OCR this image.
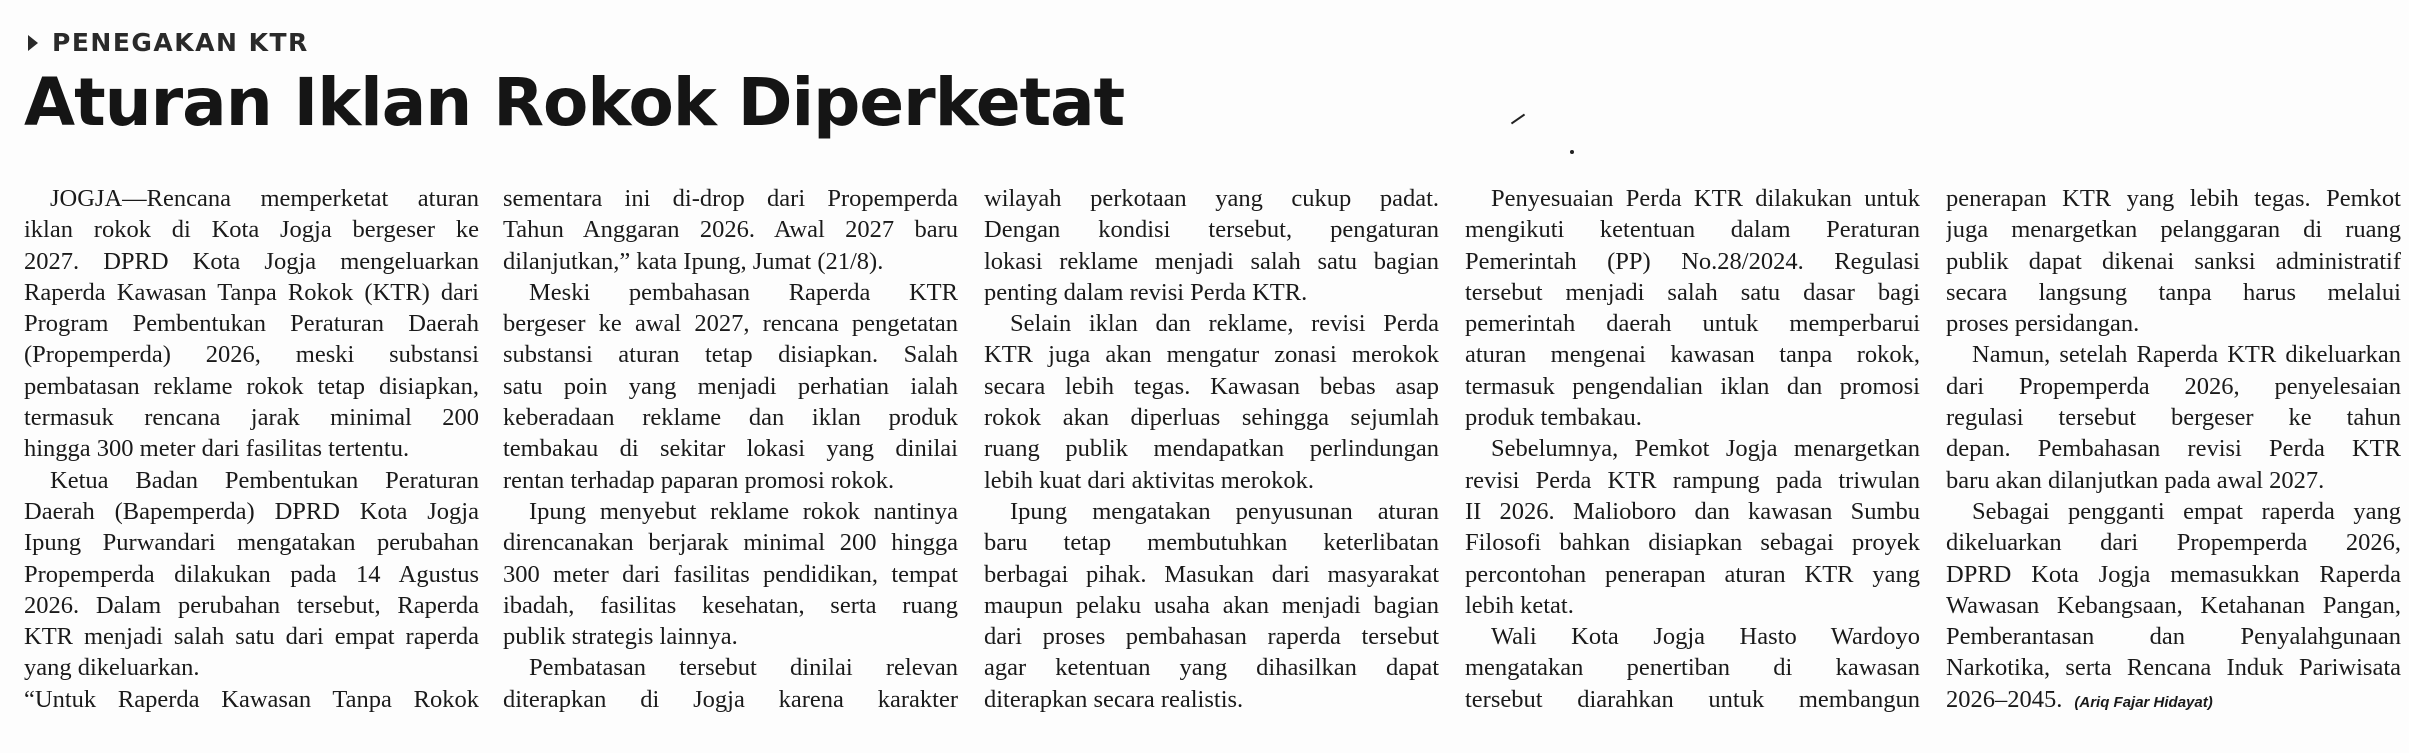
PENEGAKAN KTR
Aturan Iklan Rokok Diperketat
JOGJA—Rencana memperketat aturan
iklan rokok di Kota Jogja bergeser ke
2027. DPRD Kota Jogja mengeluarkan
Raperda Kawasan Tanpa Rokok (KTR) dari
Program Pembentukan Peraturan Daerah
(Propemperda) 2026, meski substansi
pembatasan reklame rokok tetap disiapkan,
termasuk rencana jarak minimal 200
hingga 300 meter dari fasilitas tertentu.
Ketua Badan Pembentukan Peraturan
Daerah (Bapemperda) DPRD Kota Jogja
Ipung Purwandari mengatakan perubahan
Propemperda dilakukan pada 14 Agustus
2026. Dalam perubahan tersebut, Raperda
KTR menjadi salah satu dari empat raperda
yang dikeluarkan.
“Untuk Raperda Kawasan Tanpa Rokok
sementara ini di-drop dari Propemperda
Tahun Anggaran 2026. Awal 2027 baru
dilanjutkan,” kata Ipung, Jumat (21/8).
Meski pembahasan Raperda KTR
bergeser ke awal 2027, rencana pengetatan
substansi aturan tetap disiapkan. Salah
satu poin yang menjadi perhatian ialah
keberadaan reklame dan iklan produk
tembakau di sekitar lokasi yang dinilai
rentan terhadap paparan promosi rokok.
Ipung menyebut reklame rokok nantinya
direncanakan berjarak minimal 200 hingga
300 meter dari fasilitas pendidikan, tempat
ibadah, fasilitas kesehatan, serta ruang
publik strategis lainnya.
Pembatasan tersebut dinilai relevan
diterapkan di Jogja karena karakter
wilayah perkotaan yang cukup padat.
Dengan kondisi tersebut, pengaturan
lokasi reklame menjadi salah satu bagian
penting dalam revisi Perda KTR.
Selain iklan dan reklame, revisi Perda
KTR juga akan mengatur zonasi merokok
secara lebih tegas. Kawasan bebas asap
rokok akan diperluas sehingga sejumlah
ruang publik mendapatkan perlindungan
lebih kuat dari aktivitas merokok.
Ipung mengatakan penyusunan aturan
baru tetap membutuhkan keterlibatan
berbagai pihak. Masukan dari masyarakat
maupun pelaku usaha akan menjadi bagian
dari proses pembahasan raperda tersebut
agar ketentuan yang dihasilkan dapat
diterapkan secara realistis.
Penyesuaian Perda KTR dilakukan untuk
mengikuti ketentuan dalam Peraturan
Pemerintah (PP) No.28/2024. Regulasi
tersebut menjadi salah satu dasar bagi
pemerintah daerah untuk memperbarui
aturan mengenai kawasan tanpa rokok,
termasuk pengendalian iklan dan promosi
produk tembakau.
Sebelumnya, Pemkot Jogja menargetkan
revisi Perda KTR rampung pada triwulan
II 2026. Malioboro dan kawasan Sumbu
Filosofi bahkan disiapkan sebagai proyek
percontohan penerapan aturan KTR yang
lebih ketat.
Wali Kota Jogja Hasto Wardoyo
mengatakan penertiban di kawasan
tersebut diarahkan untuk membangun
penerapan KTR yang lebih tegas. Pemkot
juga menargetkan pelanggaran di ruang
publik dapat dikenai sanksi administratif
secara langsung tanpa harus melalui
proses persidangan.
Namun, setelah Raperda KTR dikeluarkan
dari Propemperda 2026, penyelesaian
regulasi tersebut bergeser ke tahun
depan. Pembahasan revisi Perda KTR
baru akan dilanjutkan pada awal 2027.
Sebagai pengganti empat raperda yang
dikeluarkan dari Propemperda 2026,
DPRD Kota Jogja memasukkan Raperda
Wawasan Kebangsaan, Ketahanan Pangan,
Pemberantasan dan Penyalahgunaan
Narkotika, serta Rencana Induk Pariwisata
2026–2045. (Ariq Fajar Hidayat)
